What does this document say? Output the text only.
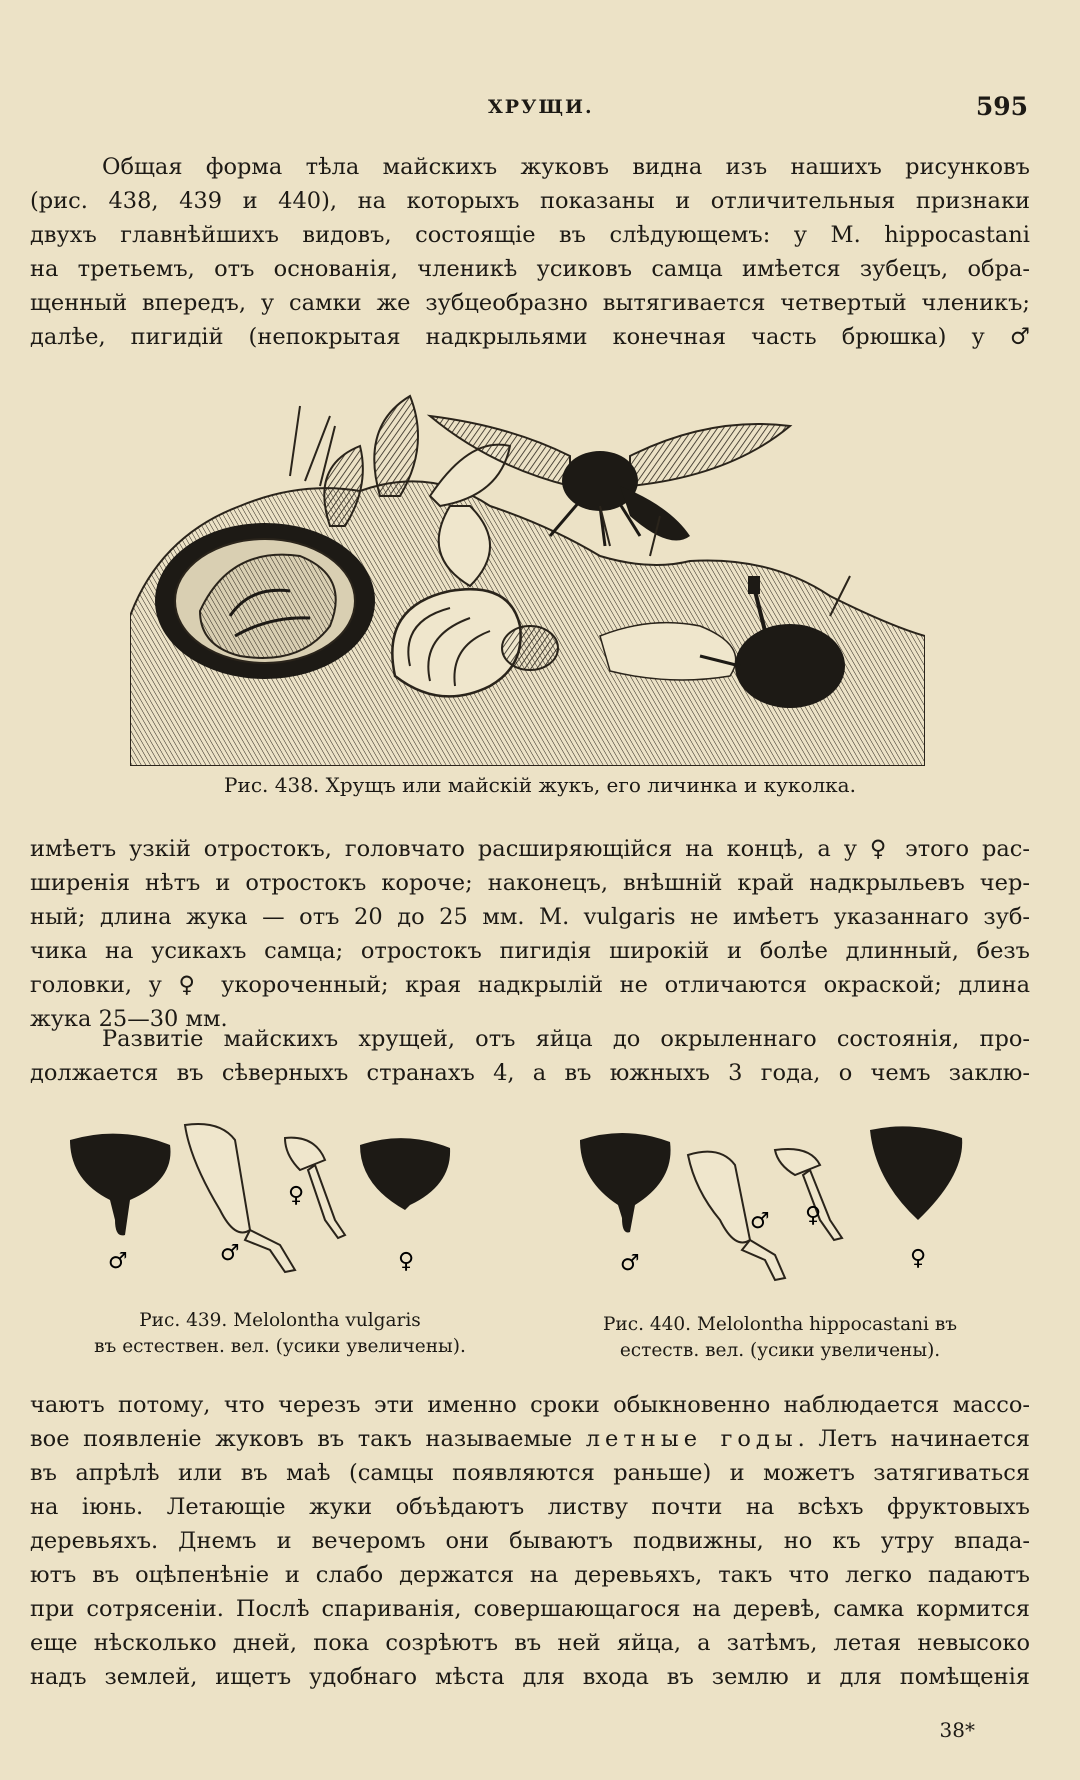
ХРУЩИ.	595

Общая форма тѣла майскихъ жуковъ видна изъ нашихъ рисунковъ
(рис. 438, 439 и 440), на которыхъ показаны и отличительныя признаки
двухъ главнѣйшихъ видовъ, состоящіе въ слѣдующемъ: у M. hippocastani
на третьемъ, отъ основанія, членикѣ усиковъ самца имѣется зубецъ, обра-
щенный впередъ, у самки же зубцеобразно вытягивается четвертый членикъ;
далѣе, пигидій (непокрытая надкрыльями конечная часть брюшка) у ♂

Рис. 438. Хрущъ или майскій жукъ, его личинка и куколка.

имѣетъ узкій отростокъ, головчато расширяющійся на концѣ, а у ♀ этого рас-
ширенія нѣтъ и отростокъ короче; наконецъ, внѣшній край надкрыльевъ чер-
ный; длина жука — отъ 20 до 25 мм. M. vulgaris не имѣетъ указаннаго зуб-
чика на усикахъ самца; отростокъ пигидія широкій и болѣе длинный, безъ
головки, у ♀ укороченный; края надкрылій не отличаются окраской; длина
жука 25—30 мм.

Развитіе майскихъ хрущей, отъ яйца до окрыленнаго состоянія, про-
должается въ сѣверныхъ странахъ 4, а въ южныхъ 3 года, о чемъ заклю-

♂	♂
♀
♀
Рис. 439. Melolontha vulgaris
въ естествен. вел. (усики увеличены).
♂
♂ ♀
♀
Рис. 440. Melolontha hippocastani въ
естеств. вел. (усики увеличены).

чаютъ потому, что черезъ эти именно сроки обыкновенно наблюдается массо-
вое появленіе жуковъ въ такъ называемые летные годы. Летъ начинается
въ апрѣлѣ или въ маѣ (самцы появляются раньше) и можетъ затягиваться
на іюнь. Летающіе жуки объѣдаютъ листву почти на всѣхъ фруктовыхъ
деревьяхъ. Днемъ и вечеромъ они бываютъ подвижны, но къ утру впада-
ютъ въ оцѣпенѣніе и слабо держатся на деревьяхъ, такъ что легко падаютъ
при сотрясеніи. Послѣ спариванія, совершающагося на деревѣ, самка кормится
еще нѣсколько дней, пока созрѣютъ въ ней яйца, а затѣмъ, летая невысоко
надъ землей, ищетъ удобнаго мѣста для входа въ землю и для помѣщенія

38*
